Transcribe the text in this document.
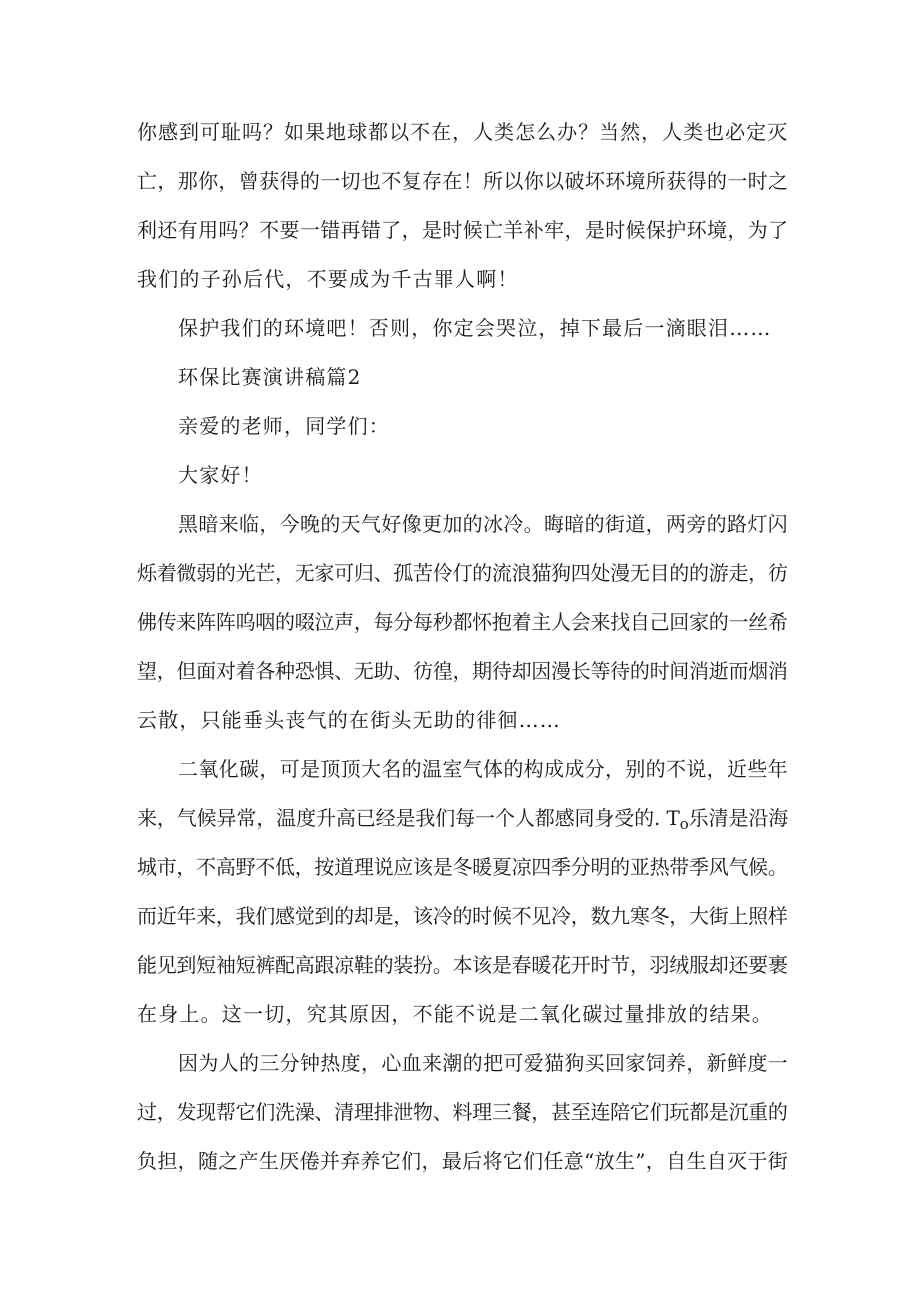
你感到可耻吗？如果地球都以不在，人类怎么办？当然，人类也必定灭
亡，那你，曾获得的一切也不复存在！所以你以破坏环境所获得的一时之
利还有用吗？不要一错再错了，是时候亡羊补牢，是时候保护环境，为了
我们的子孙后代，不要成为千古罪人啊！
保护我们的环境吧！否则，你定会哭泣，掉下最后一滴眼泪……
环保比赛演讲稿篇2
亲爱的老师，同学们：
大家好！
黑暗来临，今晚的天气好像更加的冰冷。晦暗的街道，两旁的路灯闪
烁着微弱的光芒，无家可归、孤苦伶仃的流浪猫狗四处漫无目的的游走，彷
佛传来阵阵呜咽的啜泣声，每分每秒都怀抱着主人会来找自己回家的一丝希
望，但面对着各种恐惧、无助、彷徨，期待却因漫长等待的时间消逝而烟消
云散，只能垂头丧气的在街头无助的徘徊……
二氧化碳，可是顶顶大名的温室气体的构成成分，别的不说，近些年
来，气候异常，温度升高已经是我们每一个人都感同身受的. $T_o$乐清是沿海
城市，不高野不低，按道理说应该是冬暖夏凉四季分明的亚热带季风气候。
而近年来，我们感觉到的却是，该冷的时候不见冷，数九寒冬，大街上照样
能见到短袖短裤配高跟凉鞋的装扮。本该是春暖花开时节，羽绒服却还要裹
在身上。这一切，究其原因，不能不说是二氧化碳过量排放的结果。
因为人的三分钟热度，心血来潮的把可爱猫狗买回家饲养，新鲜度一
过，发现帮它们洗澡、清理排泄物、料理三餐，甚至连陪它们玩都是沉重的
负担，随之产生厌倦并弃养它们，最后将它们任意“放生”，自生自灭于街
